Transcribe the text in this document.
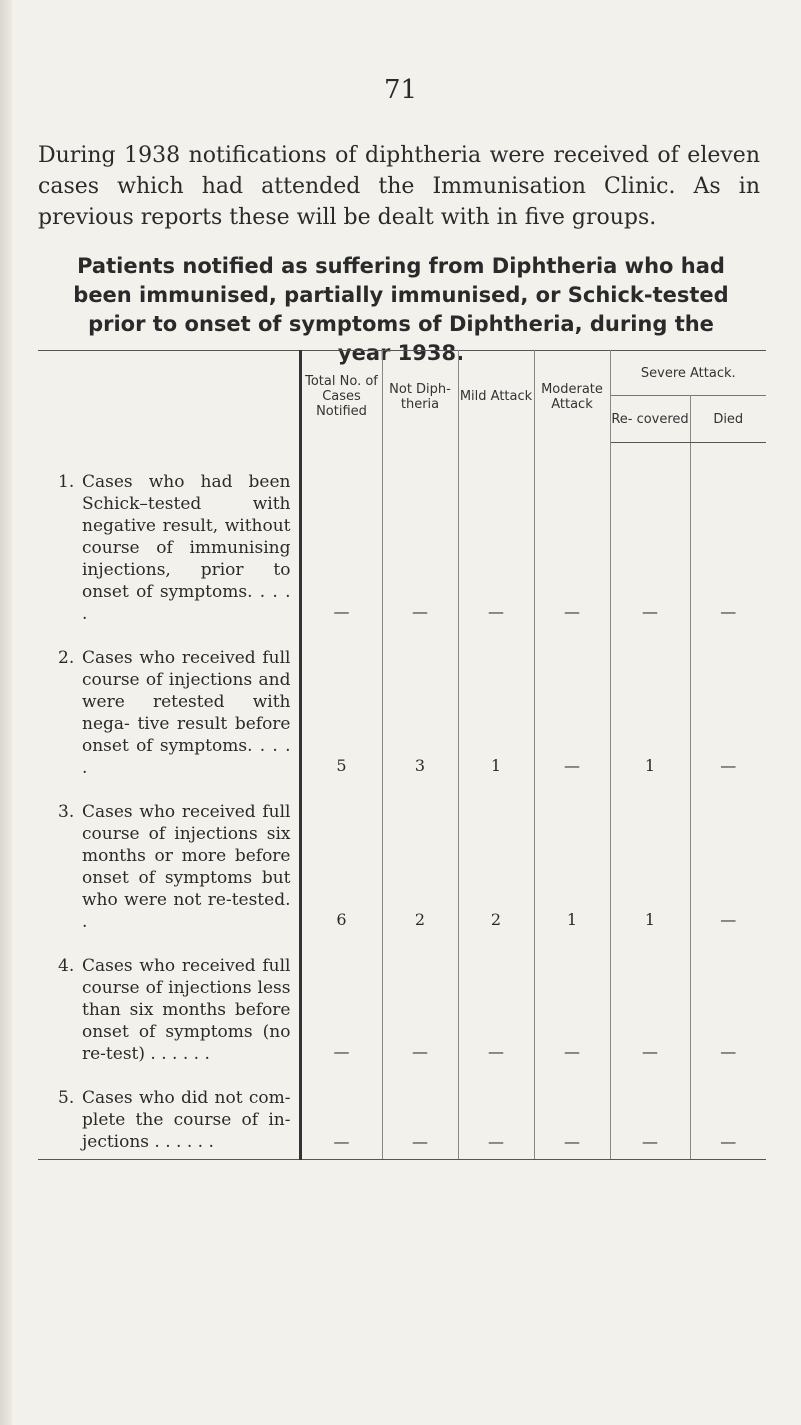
71

During 1938 notifications of diphtheria were received of eleven cases which had attended the Immunisation Clinic. As in previous reports these will be dealt with in five groups.

Patients notified as suffering from Diphtheria who had been immunised, partially immunised, or Schick-tested prior to onset of symptoms of Diphtheria, during the year 1938.

	Total No. of Cases Notified	Not Diph- theria	Mild Attack	Moderate Attack	Severe Attack.	
					Re- covered	Died

1. Cases who had been Schick–tested with negative result, without course of immunising injections, prior to onset of symptoms. . . . .	—	—	—	—	—	—

2. Cases who received full course of injections and were retested with nega- tive result before onset of symptoms. . . . .	5	3	1	—	1	—

3. Cases who received full course of injections six months or more before onset of symptoms but who were not re-tested. .	6	2	2	1	1	—

4. Cases who received full course of injections less than six months before onset of symptoms (no re-test) . . . . . .	—	—	—	—	—	—

5. Cases who did not com- plete the course of in- jections . . . . . .	—	—	—	—	—	—
